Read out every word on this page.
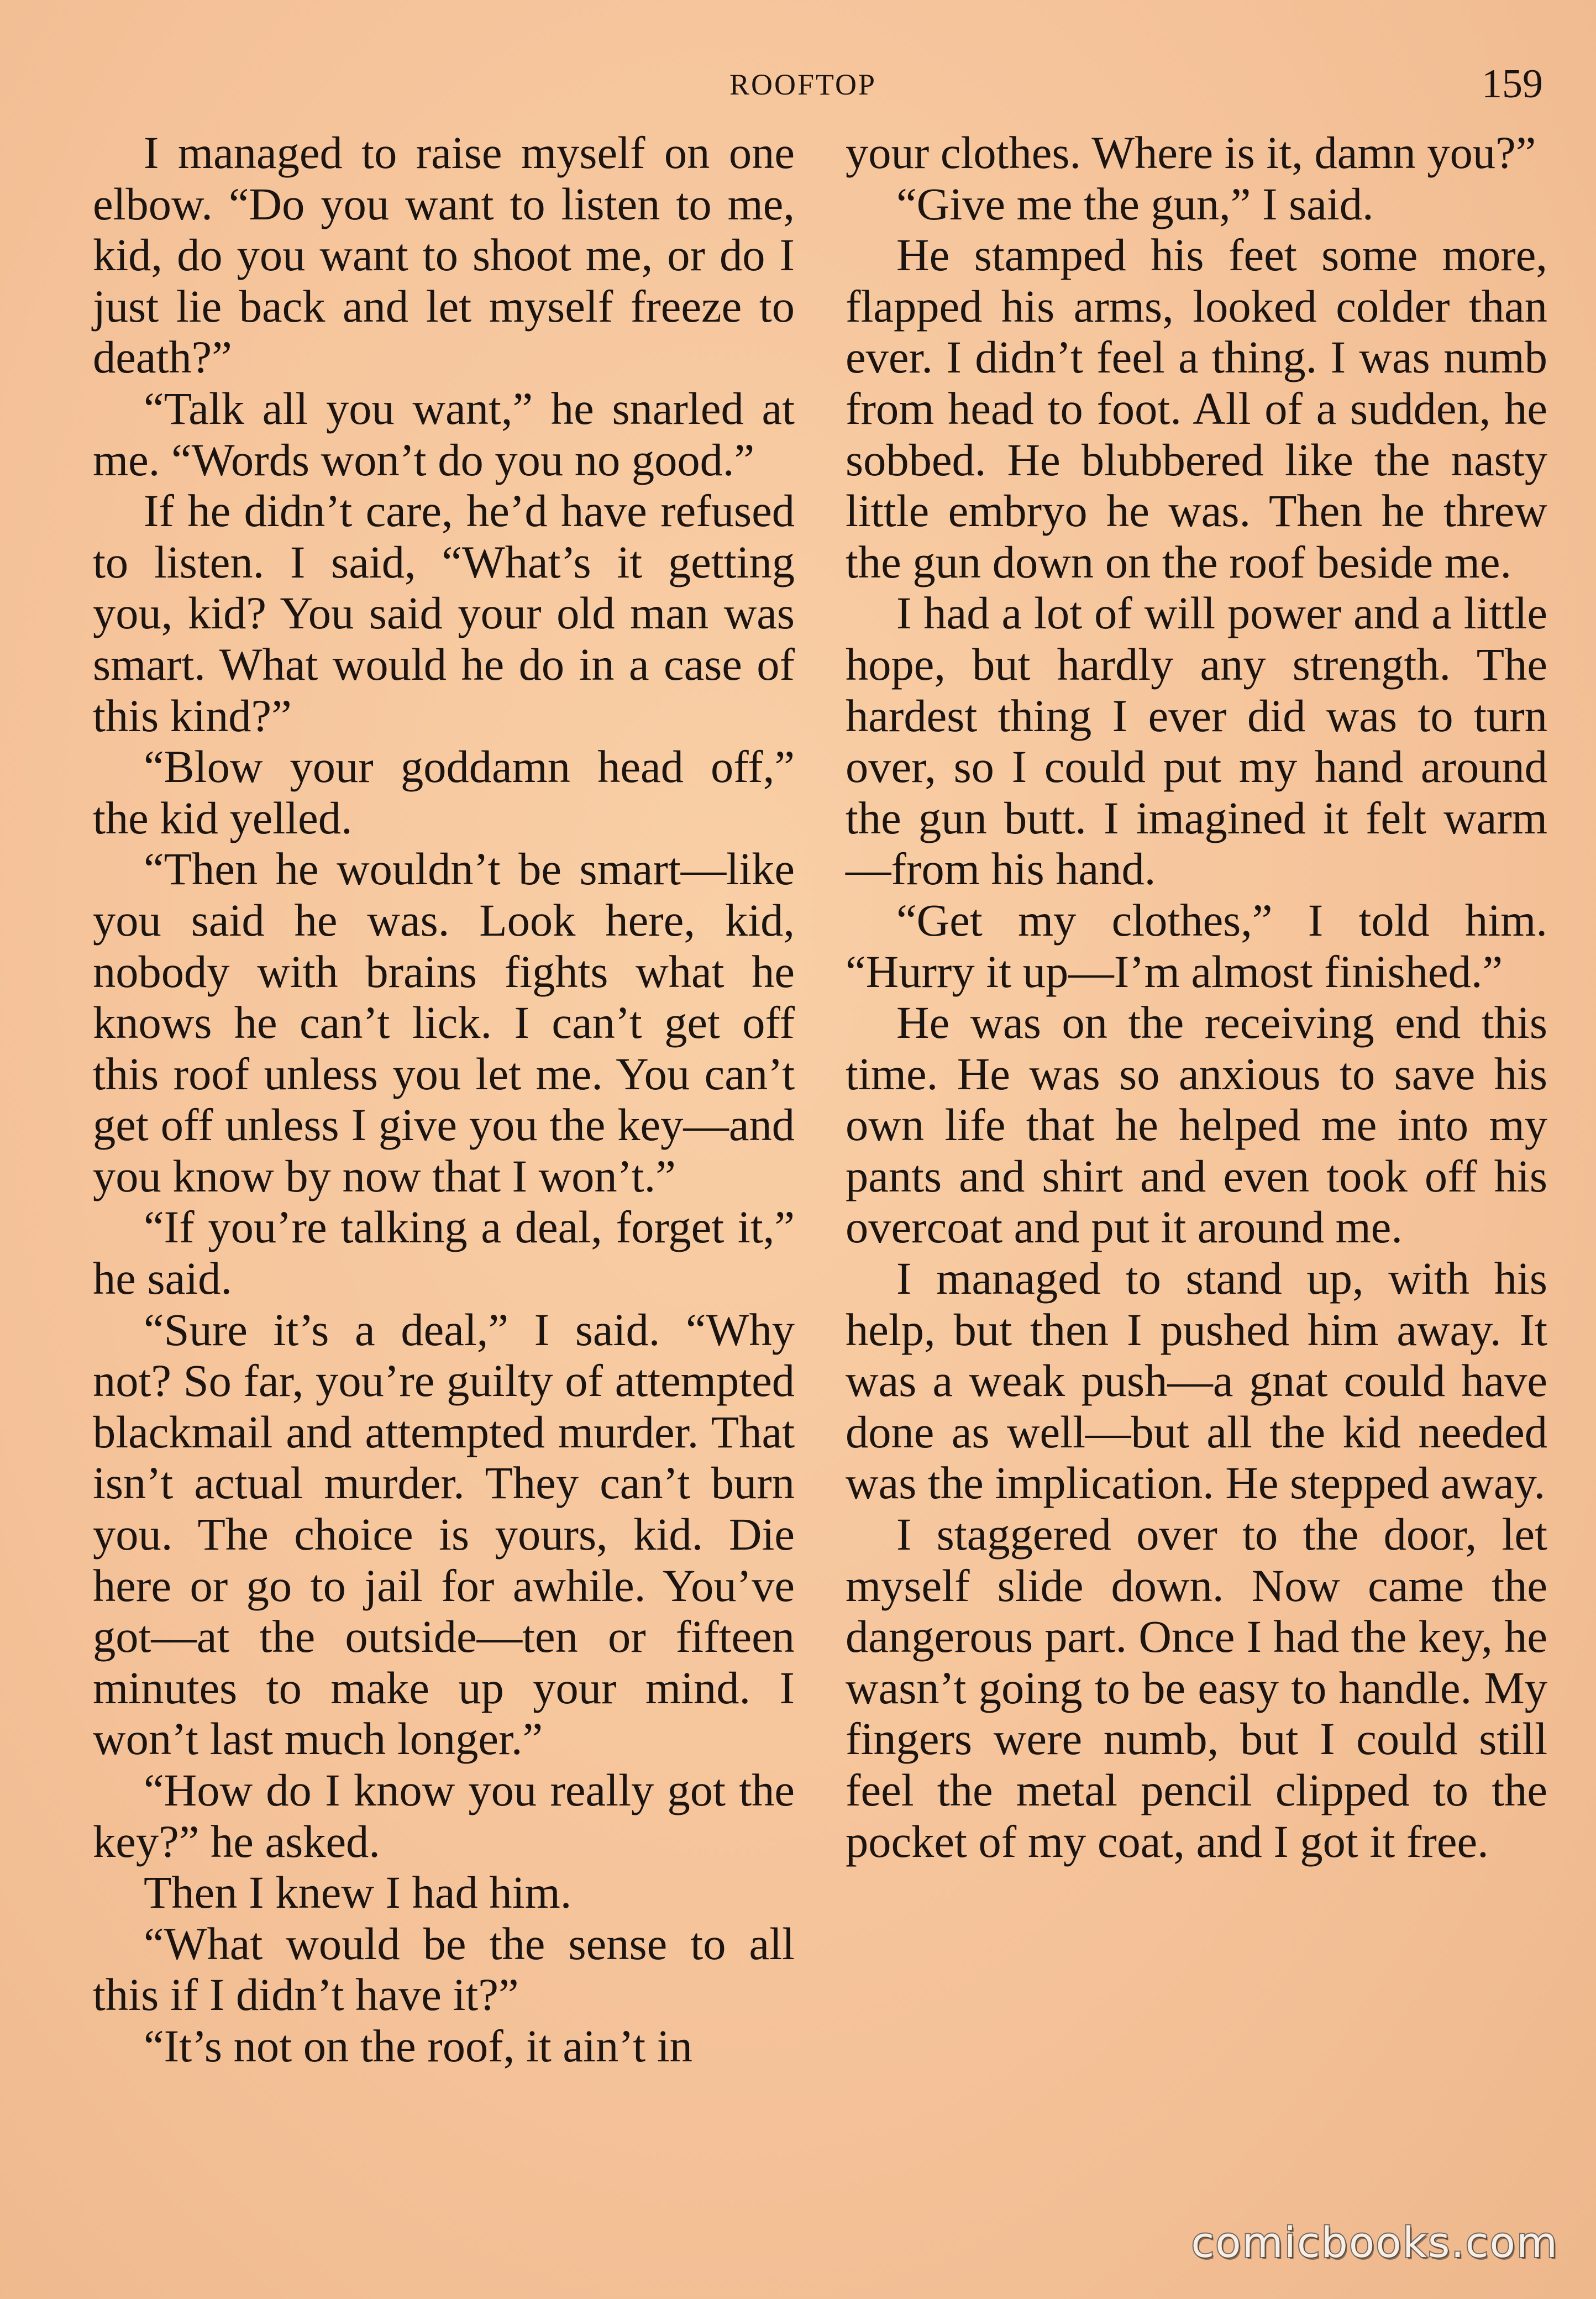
ROOFTOP	159

I managed to raise myself on one elbow. “Do you want to listen to me, kid, do you want to shoot me, or do I just lie back and let myself freeze to death?”

“Talk all you want,” he snarled at me. “Words won’t do you no good.”

If he didn’t care, he’d have refused to listen. I said, “What’s it getting you, kid? You said your old man was smart. What would he do in a case of this kind?”

“Blow your goddamn head off,” the kid yelled.

“Then he wouldn’t be smart—like you said he was. Look here, kid, nobody with brains fights what he knows he can’t lick. I can’t get off this roof unless you let me. You can’t get off unless I give you the key—and you know by now that I won’t.”

“If you’re talking a deal, forget it,” he said.

“Sure it’s a deal,” I said. “Why not? So far, you’re guilty of attempted blackmail and attempted murder. That isn’t actual murder. They can’t burn you. The choice is yours, kid. Die here or go to jail for awhile. You’ve got—at the outside—ten or fifteen minutes to make up your mind. I won’t last much longer.”

“How do I know you really got the key?” he asked.

Then I knew I had him.

“What would be the sense to all this if I didn’t have it?”

“It’s not on the roof, it ain’t in

your clothes. Where is it, damn you?”

“Give me the gun,” I said.

He stamped his feet some more, flapped his arms, looked colder than ever. I didn’t feel a thing. I was numb from head to foot. All of a sudden, he sobbed. He blubbered like the nasty little embryo he was. Then he threw the gun down on the roof beside me.

I had a lot of will power and a little hope, but hardly any strength. The hardest thing I ever did was to turn over, so I could put my hand around the gun butt. I imagined it felt warm—from his hand.

“Get my clothes,” I told him. “Hurry it up—I’m almost finished.”

He was on the receiving end this time. He was so anxious to save his own life that he helped me into my pants and shirt and even took off his overcoat and put it around me.

I managed to stand up, with his help, but then I pushed him away. It was a weak push—a gnat could have done as well—but all the kid needed was the implication. He stepped away.

I staggered over to the door, let myself slide down. Now came the dangerous part. Once I had the key, he wasn’t going to be easy to handle. My fingers were numb, but I could still feel the metal pencil clipped to the pocket of my coat, and I got it free.

comicbooks.com
